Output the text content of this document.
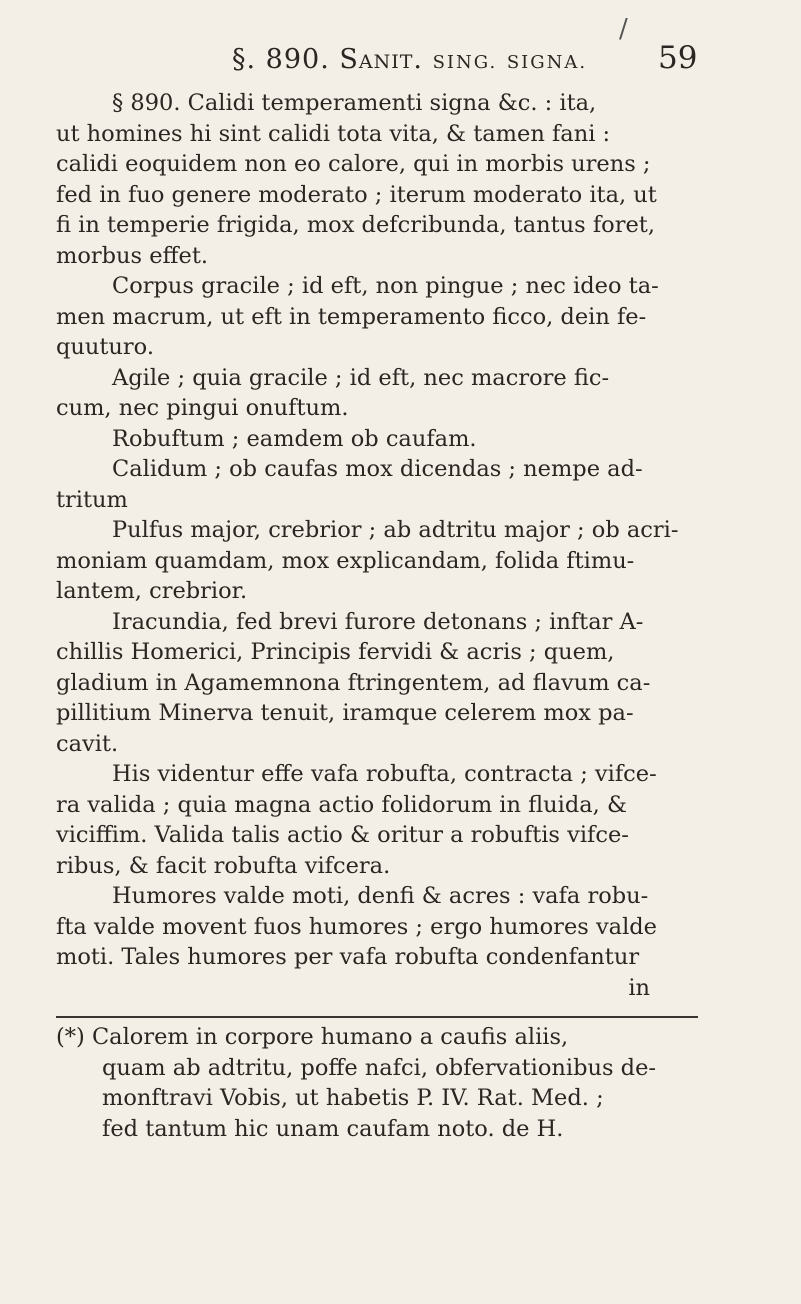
/
§. 890. Sanit. SING. SIGNA. 59
§ 890. Calidi temperamenti signa &c. : ita,
ut homines hi sint calidi tota vita, & tamen fani :
calidi eoquidem non eo calore, qui in morbis urens ;
fed in fuo genere moderato ; iterum moderato ita, ut
fi in temperie frigida, mox defcribunda, tantus foret,
morbus effet.
Corpus gracile ; id eft, non pingue ; nec ideo ta-
men macrum, ut eft in temperamento ficco, dein fe-
quuturo.
Agile ; quia gracile ; id eft, nec macrore fic-
cum, nec pingui onuftum.
Robuftum ; eamdem ob caufam.
Calidum ; ob caufas mox dicendas ; nempe ad-
tritum
Pulfus major, crebrior ; ab adtritu major ; ob acri-
moniam quamdam, mox explicandam, folida ftimu-
lantem, crebrior.
Iracundia, fed brevi furore detonans ; inftar A-
chillis Homerici, Principis fervidi & acris ; quem,
gladium in Agamemnona ftringentem, ad flavum ca-
pillitium Minerva tenuit, iramque celerem mox pa-
cavit.
His videntur effe vafa robufta, contracta ; vifce-
ra valida ; quia magna actio folidorum in fluida, &
viciffim. Valida talis actio & oritur a robuftis vifce-
ribus, & facit robufta vifcera.
Humores valde moti, denfi & acres : vafa robu-
fta valde movent fuos humores ; ergo humores valde
moti. Tales humores per vafa robufta condenfantur
in
(*) Calorem in corpore humano a caufis aliis,
quam ab adtritu, poffe nafci, obfervationibus de-
monftravi Vobis, ut habetis P. IV. Rat. Med. ;
fed tantum hic unam caufam noto. de H.
